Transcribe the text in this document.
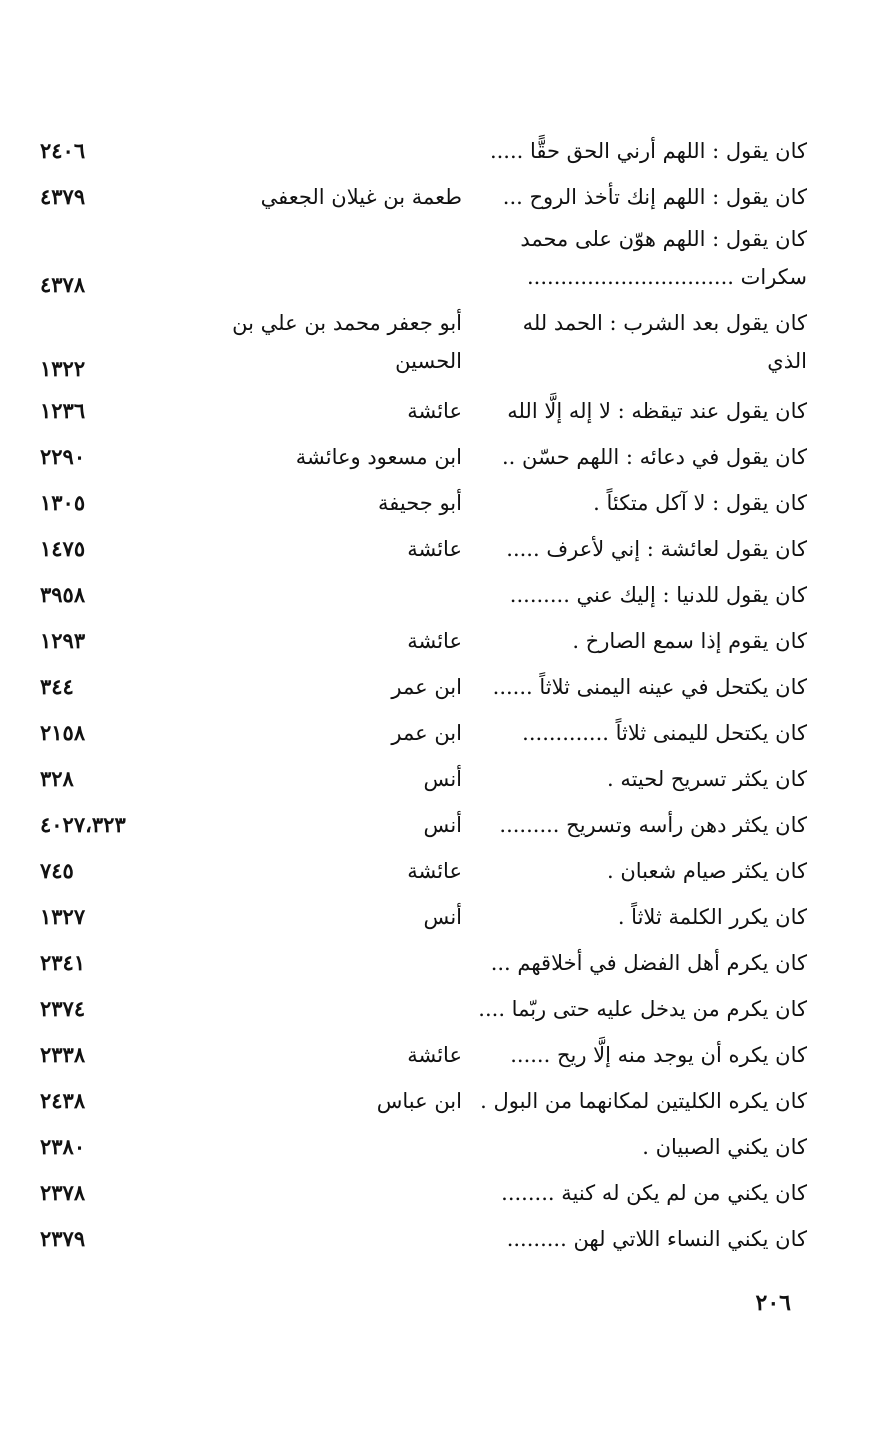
كان يقول : اللهم أرني الحق حقًّا .....
٢٤٠٦
كان يقول : اللهم إنك تأخذ الروح ...
طعمة بن غيلان الجعفي
٤٣٧٩
كان يقول : اللهم هوّن على محمد سكرات ...............................
٤٣٧٨
كان يقول بعد الشرب : الحمد لله الذي
أبو جعفر محمد بن علي بن الحسين
١٣٢٢
كان يقول عند تيقظه : لا إله إلَّا الله
عائشة
١٢٣٦
كان يقول في دعائه : اللهم حسّن ..
ابن مسعود وعائشة
٢٢٩٠
كان يقول : لا آكل متكئاً .
أبو جحيفة
١٣٠٥
كان يقول لعائشة : إني لأعرف .....
عائشة
١٤٧٥
كان يقول للدنيا : إليك عني .........
٣٩٥٨
كان يقوم إذا سمع الصارخ .
عائشة
١٢٩٣
كان يكتحل في عينه اليمنى ثلاثاً ......
ابن عمر
٣٤٤
كان يكتحل لليمنى ثلاثاً .............
ابن عمر
٢١٥٨
كان يكثر تسريح لحيته .
أنس
٣٢٨
كان يكثر دهن رأسه وتسريح .........
أنس
٤٠٢٧،٣٢٣
كان يكثر صيام شعبان .
عائشة
٧٤٥
كان يكرر الكلمة ثلاثاً .
أنس
١٣٢٧
كان يكرم أهل الفضل في أخلاقهم ...
٢٣٤١
كان يكرم من يدخل عليه حتى ربّما ....
٢٣٧٤
كان يكره أن يوجد منه إلَّا ريح ......
عائشة
٢٣٣٨
كان يكره الكليتين لمكانهما من البول .
ابن عباس
٢٤٣٨
كان يكني الصبيان .
٢٣٨٠
كان يكني من لم يكن له كنية ........
٢٣٧٨
كان يكني النساء اللاتي لهن .........
٢٣٧٩
٢٠٦
